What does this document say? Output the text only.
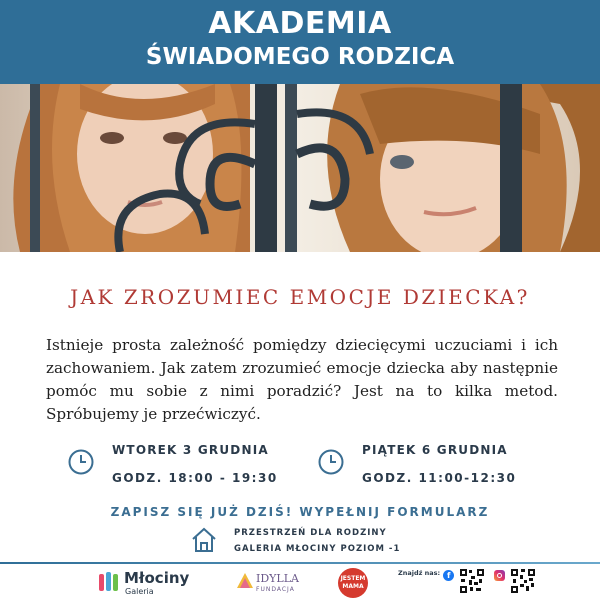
AKADEMIA
ŚWIADOMEGO RODZICA
JAK ZROZUMIEC EMOCJE DZIECKA?
Istnieje prosta zależność pomiędzy dziecięcymi uczuciami i ich zachowaniem. Jak zatem zrozumieć emocje dziecka aby następnie pomóc mu sobie z nimi poradzić? Jest na to kilka metod. Spróbujemy je przećwiczyć.
WTOREK 3 GRUDNIA
GODZ. 18:00 - 19:30
PIĄTEK 6 GRUDNIA
GODZ. 11:00-12:30
ZAPISZ SIĘ JUŻ DZIŚ! WYPEŁNIJ FORMULARZ
PRZESTRZEŃ DLA RODZINY
GALERIA MŁOCINY POZIOM -1
Młociny
Galeria
IDYLLA
FUNDACJA
JESTEM
MAMA
Znajdź nas: f
